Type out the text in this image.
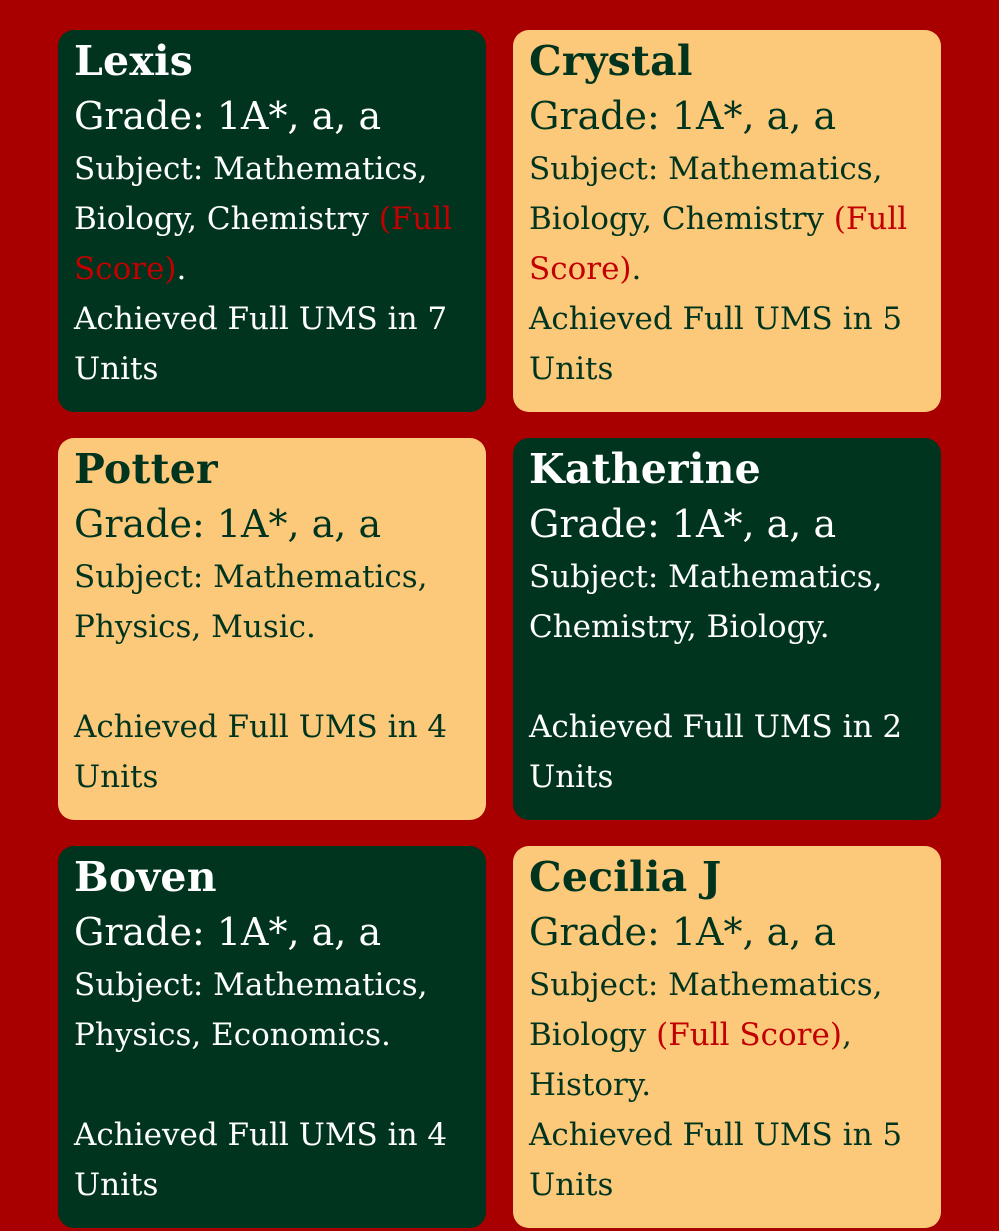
Lexis
Grade: 1A*, a, a
Subject: Mathematics, Biology, Chemistry (Full Score).
Achieved Full UMS in 7 Units
Crystal
Grade: 1A*, a, a
Subject: Mathematics, Biology, Chemistry (Full Score).
Achieved Full UMS in 5 Units
Potter
Grade: 1A*, a, a
Subject: Mathematics, Physics, Music.
Achieved Full UMS in 4 Units
Katherine
Grade: 1A*, a, a
Subject: Mathematics, Chemistry, Biology.
Achieved Full UMS in 2 Units
Boven
Grade: 1A*, a, a
Subject: Mathematics, Physics, Economics.
Achieved Full UMS in 4 Units
Cecilia J
Grade: 1A*, a, a
Subject: Mathematics, Biology (Full Score), History.
Achieved Full UMS in 5 Units
